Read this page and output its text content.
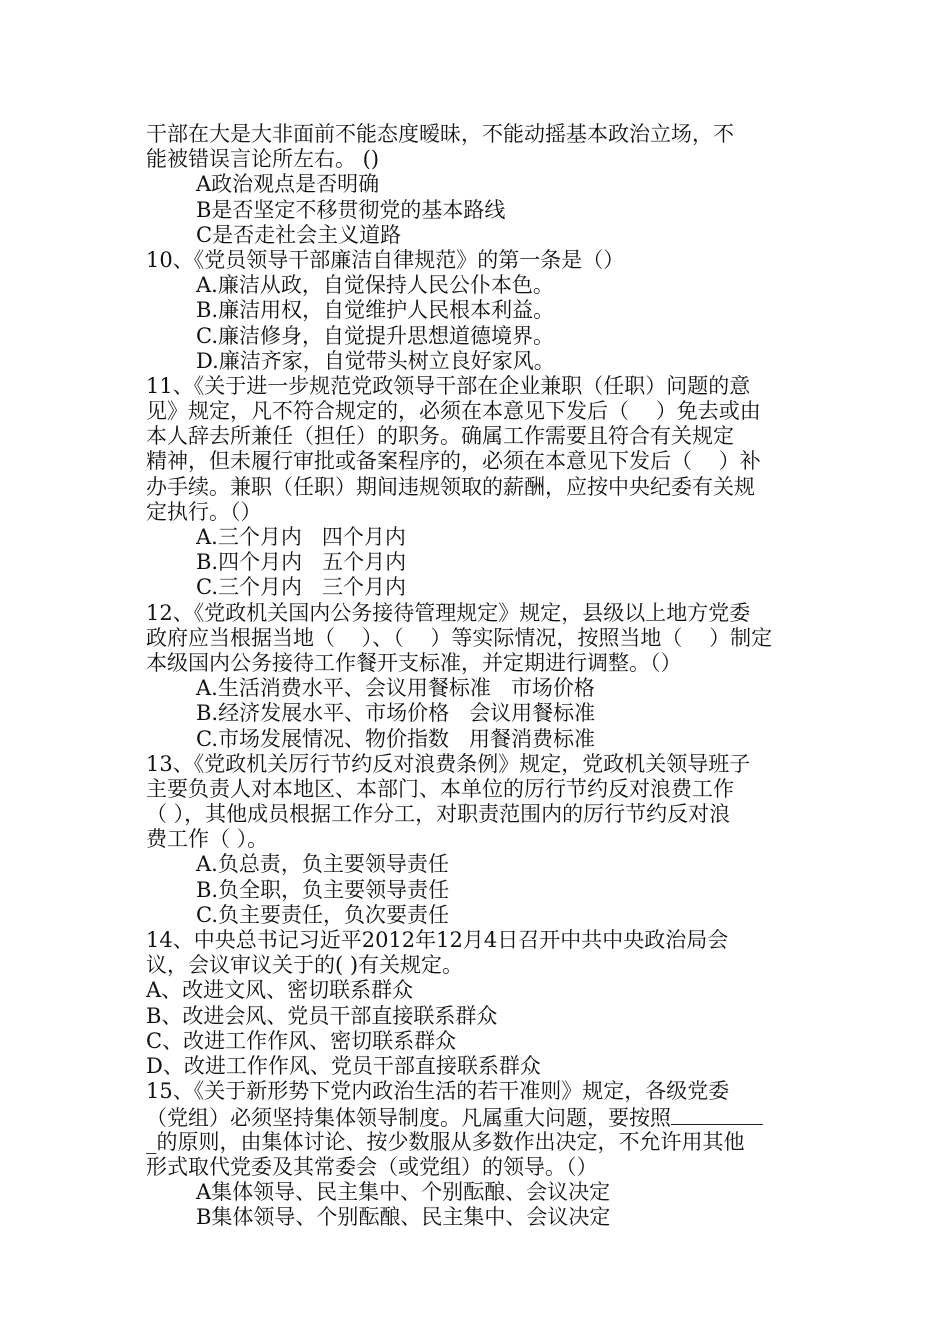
干部在大是大非面前不能态度暧昧，不能动摇基本政治立场，不
能被错误言论所左右。 ()
A政治观点是否明确
B是否坚定不移贯彻党的基本路线
C是否走社会主义道路
10、《党员领导干部廉洁自律规范》的第一条是（）
A.廉洁从政，自觉保持人民公仆本色。
B.廉洁用权，自觉维护人民根本利益。
C.廉洁修身，自觉提升思想道德境界。
D.廉洁齐家，自觉带头树立良好家风。
11、《关于进一步规范党政领导干部在企业兼职（任职）问题的意
见》规定，凡不符合规定的，必须在本意见下发后（    ）免去或由
本人辞去所兼任（担任）的职务。确属工作需要且符合有关规定
精神，但未履行审批或备案程序的，必须在本意见下发后（    ）补
办手续。兼职（任职）期间违规领取的薪酬，应按中央纪委有关规
定执行。（）
A.三个月内   四个月内
B.四个月内   五个月内
C.三个月内   三个月内
12、《党政机关国内公务接待管理规定》规定，县级以上地方党委
政府应当根据当地（    ）、（    ）等实际情况，按照当地（    ）制定
本级国内公务接待工作餐开支标准，并定期进行调整。（）
A.生活消费水平、会议用餐标准   市场价格
B.经济发展水平、市场价格   会议用餐标准
C.市场发展情况、物价指数   用餐消费标准
13、《党政机关厉行节约反对浪费条例》规定，党政机关领导班子
主要负责人对本地区、本部门、本单位的厉行节约反对浪费工作
（ ），其他成员根据工作分工，对职责范围内的厉行节约反对浪
费工作（ ）。
A.负总责，负主要领导责任
B.负全职，负主要领导责任
C.负主要责任，负次要责任
14、中央总书记习近平2012年12月4日召开中共中央政治局会
议，会议审议关于的( )有关规定。
A、改进文风、密切联系群众
B、改进会风、党员干部直接联系群众
C、改进工作作风、密切联系群众
D、改进工作作风、党员干部直接联系群众
15、《关于新形势下党内政治生活的若干准则》规定，各级党委
（党组）必须坚持集体领导制度。凡属重大问题，要按照
_的原则，由集体讨论、按少数服从多数作出决定，不允许用其他
形式取代党委及其常委会（或党组）的领导。（）
A集体领导、民主集中、个别酝酿、会议决定
B集体领导、个别酝酿、民主集中、会议决定
